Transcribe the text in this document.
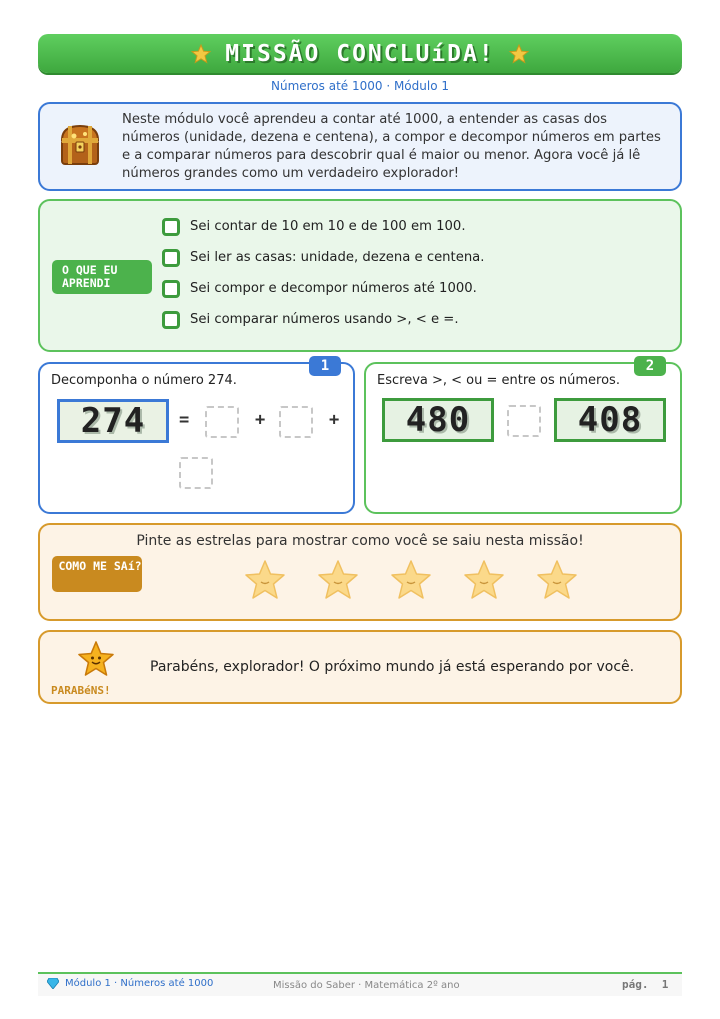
MISSÃO CONCLUíDA!
Números até 1000 · Módulo 1
Neste módulo você aprendeu a contar até 1000, a entender as casas dos números (unidade, dezena e centena), a compor e decompor números em partes e a comparar números para descobrir qual é maior ou menor. Agora você já lê números grandes como um verdadeiro explorador!
O QUE EU APRENDI
Sei contar de 10 em 10 e de 100 em 100.
Sei ler as casas: unidade, dezena e centena.
Sei compor e decompor números até 1000.
Sei comparar números usando >, < e =.
1
Decomponha o número 274.
274	=	+	+
2
Escreva >, < ou = entre os números.
480	408
Pinte as estrelas para mostrar como você se saiu nesta missão!
COMO ME SAí?
PARABéNS!
Parabéns, explorador! O próximo mundo já está esperando por você.
Módulo 1 · Números até 1000	Missão do Saber · Matemática 2º ano	pág. 1
